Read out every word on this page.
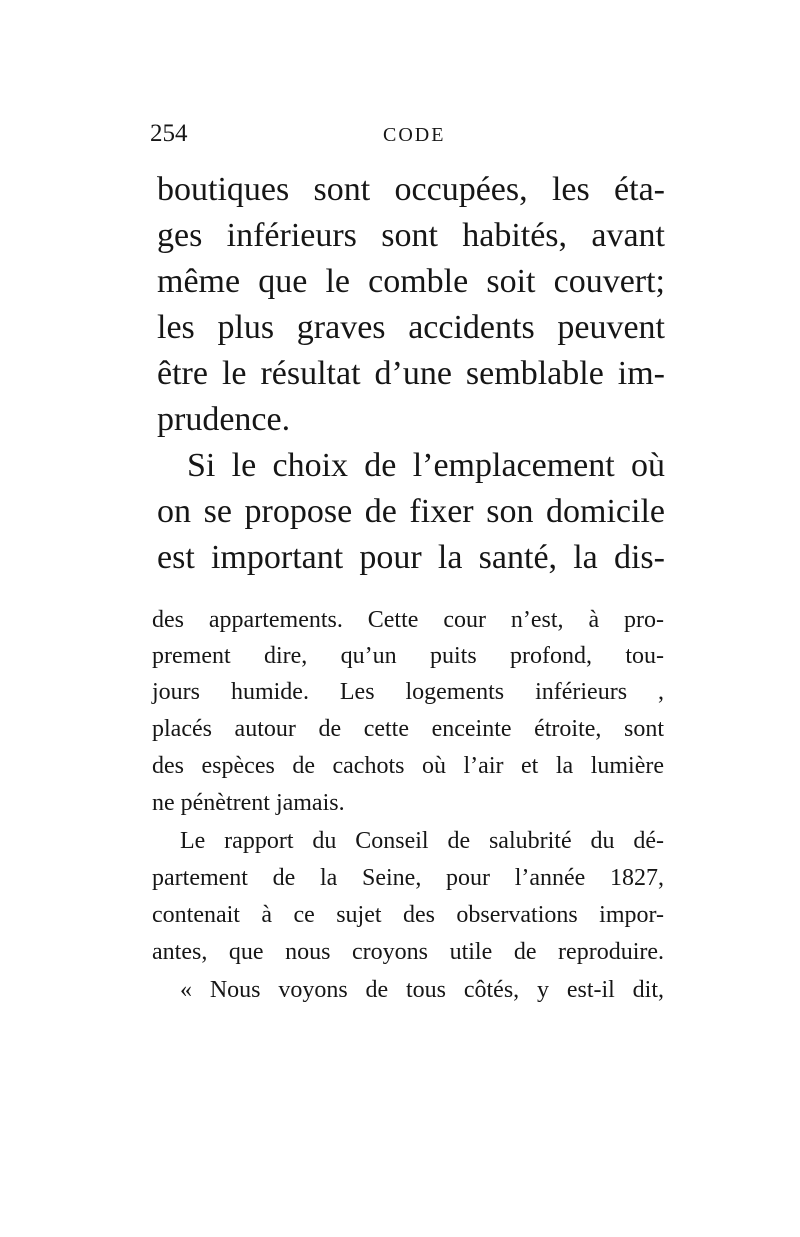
254	CODE
boutiques sont occupées, les éta-
ges inférieurs sont habités, avant
même que le comble soit couvert;
les plus graves accidents peuvent
être le résultat d’une semblable im-
prudence.
Si le choix de l’emplacement où
on se propose de fixer son domicile
est important pour la santé, la dis-
des appartements. Cette cour n’est, à pro-
prement dire, qu’un puits profond, tou-
jours humide. Les logements inférieurs ,
placés autour de cette enceinte étroite, sont
des espèces de cachots où l’air et la lumière
ne pénètrent jamais.
Le rapport du Conseil de salubrité du dé-
partement de la Seine, pour l’année 1827,
contenait à ce sujet des observations impor-
antes, que nous croyons utile de reproduire.
« Nous voyons de tous côtés, y est-il dit,
